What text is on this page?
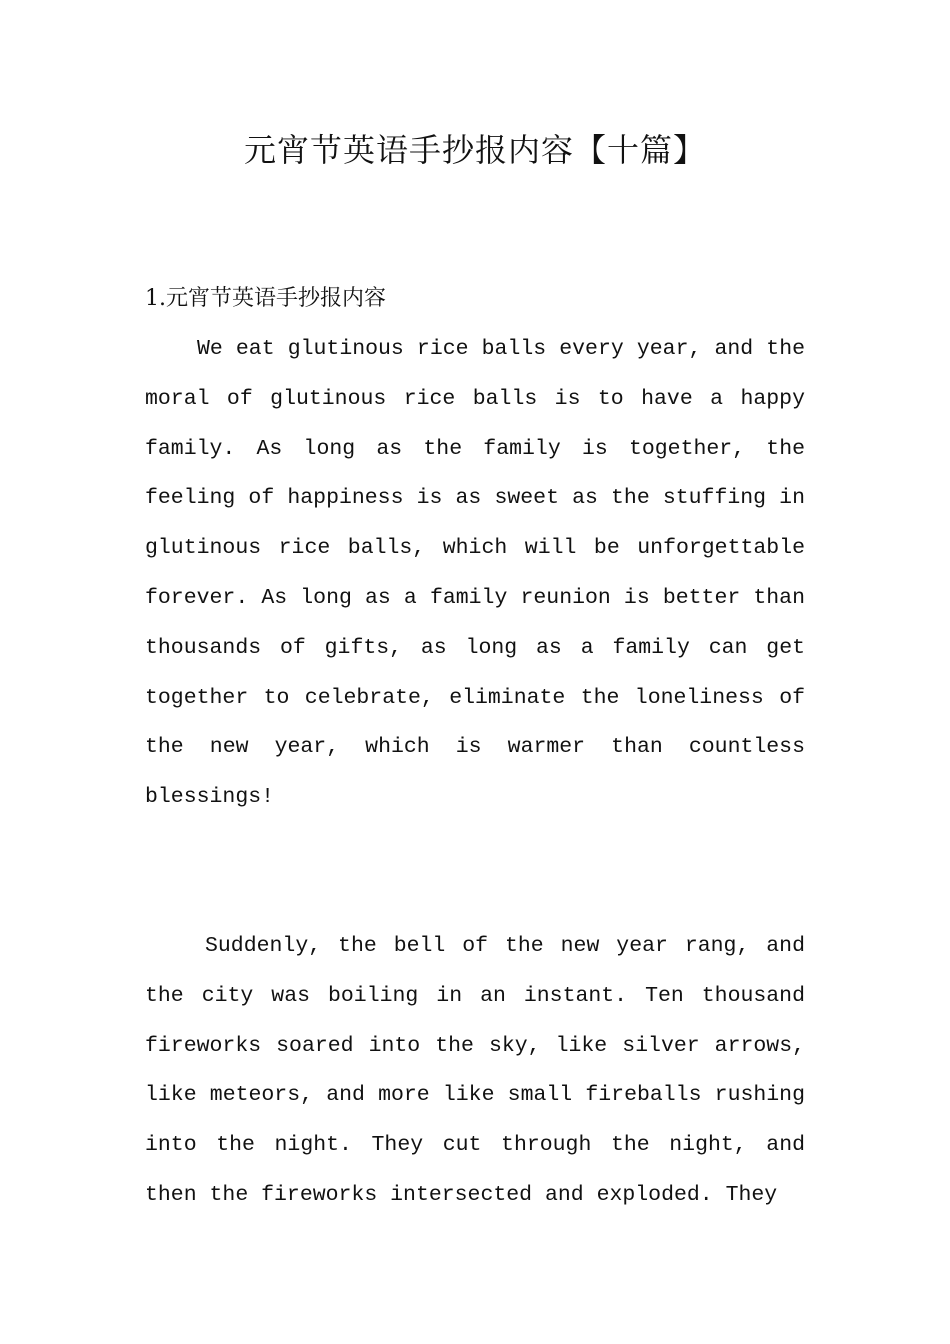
元宵节英语手抄报内容【十篇】
1.元宵节英语手抄报内容

We eat glutinous rice balls every year, and the moral of glutinous rice balls is to have a happy family. As long as the family is together, the feeling of happiness is as sweet as the stuffing in glutinous rice balls, which will be unforgettable forever. As long as a family reunion is better than thousands of gifts, as long as a family can get together to celebrate, eliminate the loneliness of the new year, which is warmer than countless blessings!

Suddenly, the bell of the new year rang, and the city was boiling in an instant. Ten thousand fireworks soared into the sky, like silver arrows, like meteors, and more like small fireballs rushing into the night. They cut through the night, and then the fireworks intersected and exploded. They
